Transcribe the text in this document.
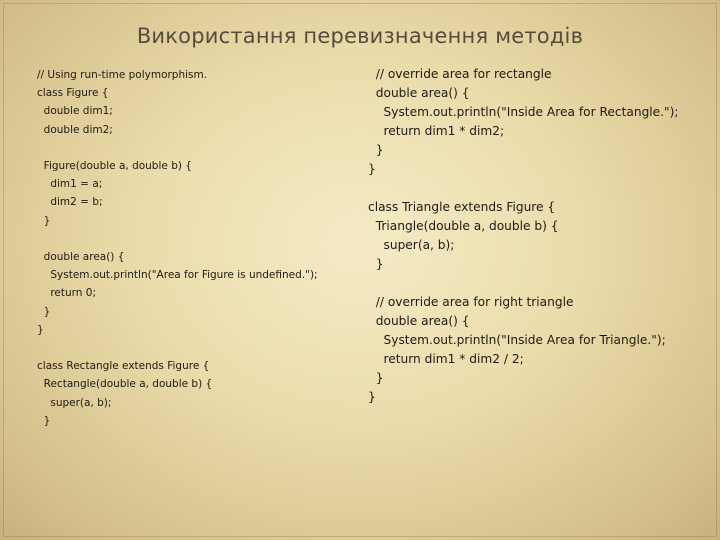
Використання перевизначення методів
// Using run-time polymorphism.
class Figure {
double dim1;
double dim2;

Figure(double a, double b) {
dim1 = a;
dim2 = b;
}

double area() {
System.out.println("Area for Figure is undefined.");
return 0;
}
}

class Rectangle extends Figure {
Rectangle(double a, double b) {
super(a, b);
}
// override area for rectangle
double area() {
System.out.println("Inside Area for Rectangle.");
return dim1 * dim2;
}
}

class Triangle extends Figure {
Triangle(double a, double b) {
super(a, b);
}

// override area for right triangle
double area() {
System.out.println("Inside Area for Triangle.");
return dim1 * dim2 / 2;
}
}
